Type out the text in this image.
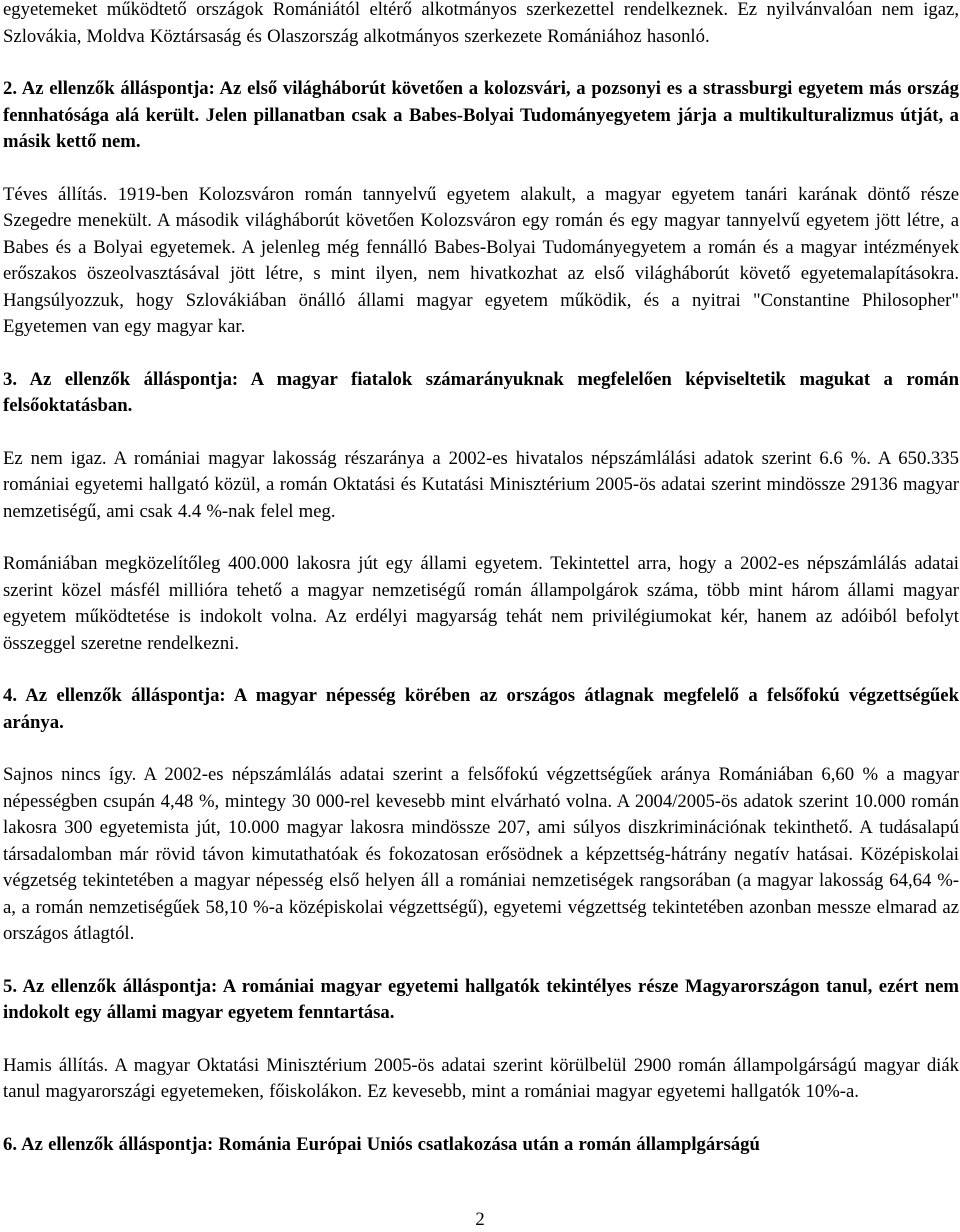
egyetemeket működtető országok Romániától eltérő alkotmányos szerkezettel rendelkeznek. Ez nyilvánvalóan nem igaz, Szlovákia, Moldva Köztársaság és Olaszország alkotmányos szerkezete Romániához hasonló.

2. Az ellenzők álláspontja: Az első világháborút követően a kolozsvári, a pozsonyi es a strassburgi egyetem más ország fennhatósága alá került. Jelen pillanatban csak a Babes-Bolyai Tudományegyetem járja a multikulturalizmus útját, a másik kettő nem.

Téves állítás. 1919-ben Kolozsváron román tannyelvű egyetem alakult, a magyar egyetem tanári karának döntő része Szegedre menekült. A második világháborút követően Kolozsváron egy román és egy magyar tannyelvű egyetem jött létre, a Babes és a Bolyai egyetemek. A jelenleg még fennálló Babes-Bolyai Tudományegyetem a román és a magyar intézmények erőszakos öszeolvasztásával jött létre, s mint ilyen, nem hivatkozhat az első világháborút követő egyetemalapításokra. Hangsúlyozzuk, hogy Szlovákiában önálló állami magyar egyetem működik, és a nyitrai "Constantine Philosopher" Egyetemen van egy magyar kar.

3. Az ellenzők álláspontja: A magyar fiatalok számarányuknak megfelelően képviseltetik magukat a román felsőoktatásban.

Ez nem igaz. A romániai magyar lakosság részaránya a 2002-es hivatalos népszámlálási adatok szerint 6.6 %. A 650.335 romániai egyetemi hallgató közül, a román Oktatási és Kutatási Minisztérium 2005-ös adatai szerint mindössze 29136 magyar nemzetiségű, ami csak 4.4 %-nak felel meg.

Romániában megközelítőleg 400.000 lakosra jút egy állami egyetem. Tekintettel arra, hogy a 2002-es népszámlálás adatai szerint közel másfél millióra tehető a magyar nemzetiségű román állampolgárok száma, több mint három állami magyar egyetem működtetése is indokolt volna. Az erdélyi magyarság tehát nem privilégiumokat kér, hanem az adóiból befolyt összeggel szeretne rendelkezni.

4. Az ellenzők álláspontja: A magyar népesség körében az országos átlagnak megfelelő a felsőfokú végzettségűek aránya.

Sajnos nincs így. A 2002-es népszámlálás adatai szerint a felsőfokú végzettségűek aránya Romániában 6,60 % a magyar népességben csupán 4,48 %, mintegy 30 000-rel kevesebb mint elvárható volna. A 2004/2005-ös adatok szerint 10.000 román lakosra 300 egyetemista jút, 10.000 magyar lakosra mindössze 207, ami súlyos diszkriminációnak tekinthető. A tudásalapú társadalomban már rövid távon kimutathatóak és fokozatosan erősödnek a képzettség-hátrány negatív hatásai. Középiskolai végzetség tekintetében a magyar népesség első helyen áll a romániai nemzetiségek rangsorában (a magyar lakosság 64,64 %-a, a román nemzetiségűek 58,10 %-a középiskolai végzettségű), egyetemi végzettség tekintetében azonban messze elmarad az országos átlagtól.

5. Az ellenzők álláspontja: A romániai magyar egyetemi hallgatók tekintélyes része Magyarországon tanul, ezért nem indokolt egy állami magyar egyetem fenntartása.

Hamis állítás. A magyar Oktatási Minisztérium 2005-ös adatai szerint körülbelül 2900 román állampolgárságú magyar diák tanul magyarországi egyetemeken, főiskolákon. Ez kevesebb, mint a romániai magyar egyetemi hallgatók 10%-a.

6. Az ellenzők álláspontja: Románia Európai Uniós csatlakozása után a román államplgárságú

2
